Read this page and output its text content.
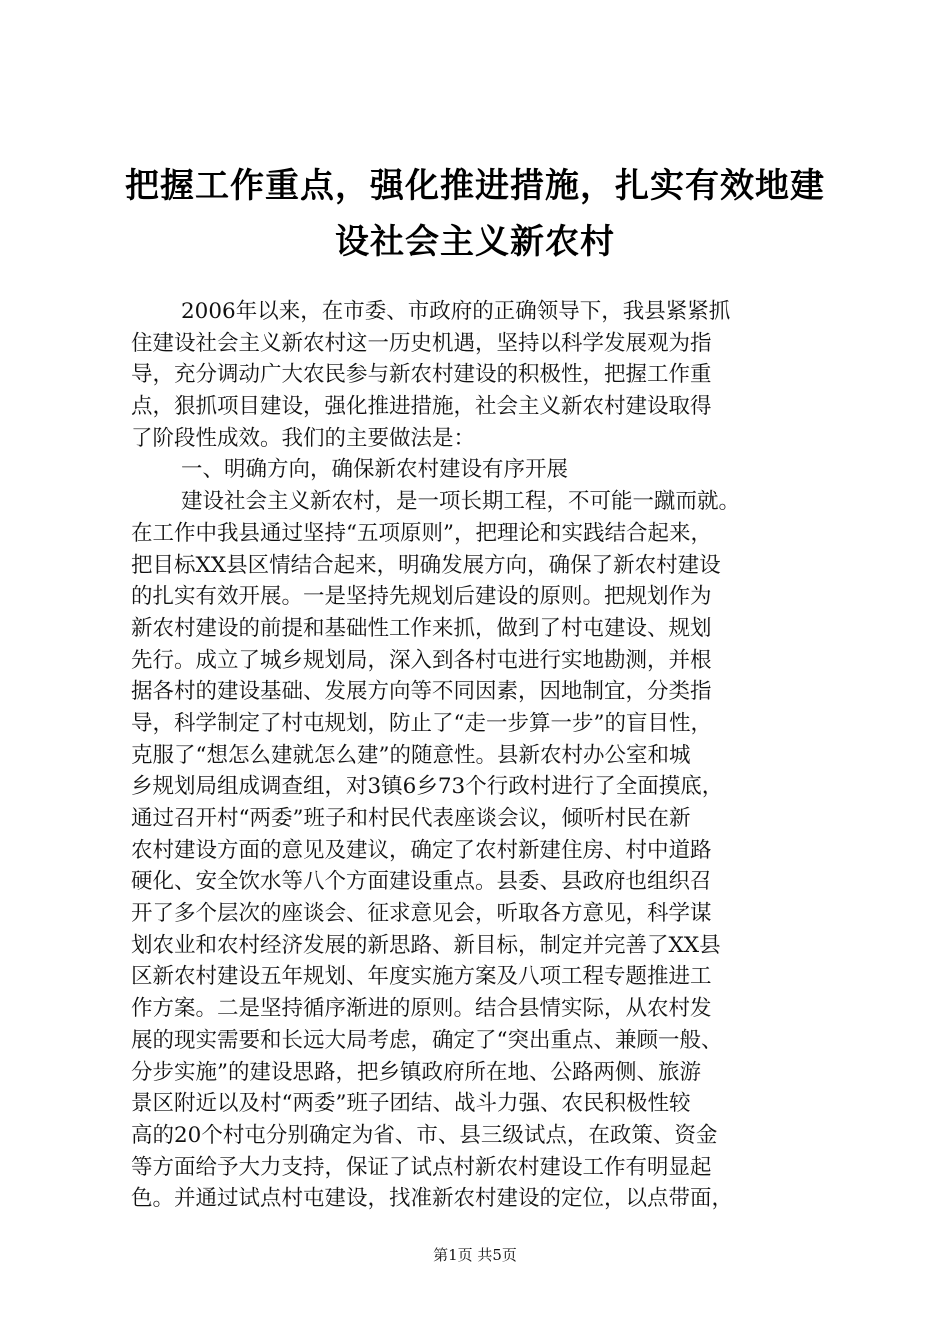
把握工作重点，强化推进措施，扎实有效地建
设社会主义新农村
2006年以来，在市委、市政府的正确领导下，我县紧紧抓
住建设社会主义新农村这一历史机遇，坚持以科学发展观为指
导，充分调动广大农民参与新农村建设的积极性，把握工作重
点，狠抓项目建设，强化推进措施，社会主义新农村建设取得
了阶段性成效。我们的主要做法是：
一、明确方向，确保新农村建设有序开展
建设社会主义新农村，是一项长期工程，不可能一蹴而就。
在工作中我县通过坚持“五项原则”，把理论和实践结合起来，
把目标XX县区情结合起来，明确发展方向，确保了新农村建设
的扎实有效开展。一是坚持先规划后建设的原则。把规划作为
新农村建设的前提和基础性工作来抓，做到了村屯建设、规划
先行。成立了城乡规划局，深入到各村屯进行实地勘测，并根
据各村的建设基础、发展方向等不同因素，因地制宜，分类指
导，科学制定了村屯规划，防止了“走一步算一步”的盲目性，
克服了“想怎么建就怎么建”的随意性。县新农村办公室和城
乡规划局组成调查组，对3镇6乡73个行政村进行了全面摸底，
通过召开村“两委”班子和村民代表座谈会议，倾听村民在新
农村建设方面的意见及建议，确定了农村新建住房、村中道路
硬化、安全饮水等八个方面建设重点。县委、县政府也组织召
开了多个层次的座谈会、征求意见会，听取各方意见，科学谋
划农业和农村经济发展的新思路、新目标，制定并完善了XX县
区新农村建设五年规划、年度实施方案及八项工程专题推进工
作方案。二是坚持循序渐进的原则。结合县情实际，从农村发
展的现实需要和长远大局考虑，确定了“突出重点、兼顾一般、
分步实施”的建设思路，把乡镇政府所在地、公路两侧、旅游
景区附近以及村“两委”班子团结、战斗力强、农民积极性较
高的20个村屯分别确定为省、市、县三级试点，在政策、资金
等方面给予大力支持，保证了试点村新农村建设工作有明显起
色。并通过试点村屯建设，找准新农村建设的定位，以点带面，
第1页 共5页
